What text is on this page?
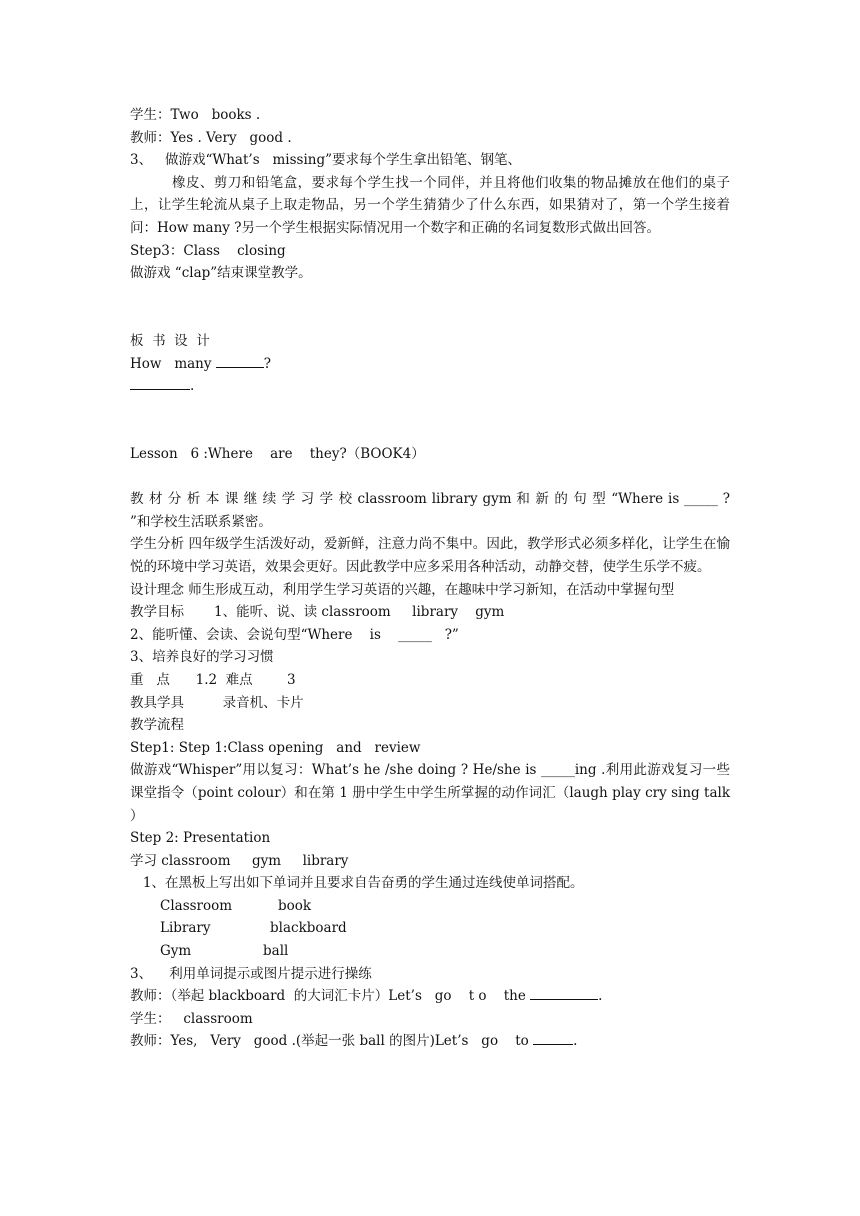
学生：Two   books .

教师：Yes . Very   good .

3、   做游戏“What’s   missing”要求每个学生拿出铅笔、钢笔、

橡皮、剪刀和铅笔盒，要求每个学生找一个同伴，并且将他们收集的物品摊放在他们的桌子上，让学生轮流从桌子上取走物品，另一个学生猜猜少了什么东西，如果猜对了，第一个学生接着问：How many ?另一个学生根据实际情况用一个数字和正确的名词复数形式做出回答。

Step3：Class    closing

做游戏 “clap”结束课堂教学。

板  书  设  计

How   many	?

.

Lesson   6 :Where    are    they?（BOOK4）

教 材 分 析 本 课 继 续 学 习 学 校 classroom library gym 和 新 的 句 型 “Where is _____ ? ”和学校生活联系紧密。

学生分析 四年级学生活泼好动，爱新鲜，注意力尚不集中。因此，教学形式必须多样化，让学生在愉悦的环境中学习英语，效果会更好。因此教学中应多采用各种活动，动静交替，使学生乐学不疲。

设计理念 师生形成互动，利用学生学习英语的兴趣，在趣味中学习新知，在活动中掌握句型

教学目标       1、能听、说、读 classroom     library    gym

2、能听懂、会读、会说句型“Where    is    _____   ?”

3、培养良好的学习习惯

重   点      1.2  难点        3

教具学具         录音机、卡片

教学流程

Step1: Step 1:Class opening   and   review

做游戏“Whisper”用以复习：What’s he /she doing ? He/she is _____ing .利用此游戏复习一些课堂指令（point colour）和在第 1 册中学生中学生所掌握的动作词汇（laugh play cry sing talk ）

Step 2: Presentation

学习 classroom     gym     library

1、在黑板上写出如下单词并且要求自告奋勇的学生通过连线使单词搭配。

Classroom	book

Library	blackboard

Gym	ball

3、    利用单词提示或图片提示进行操练

教师：（举起 blackboard  的大词汇卡片）Let’s   go    t o    the	.

学生：   classroom

教师：Yes,   Very   good .(举起一张 ball 的图片)Let’s   go    to	.
